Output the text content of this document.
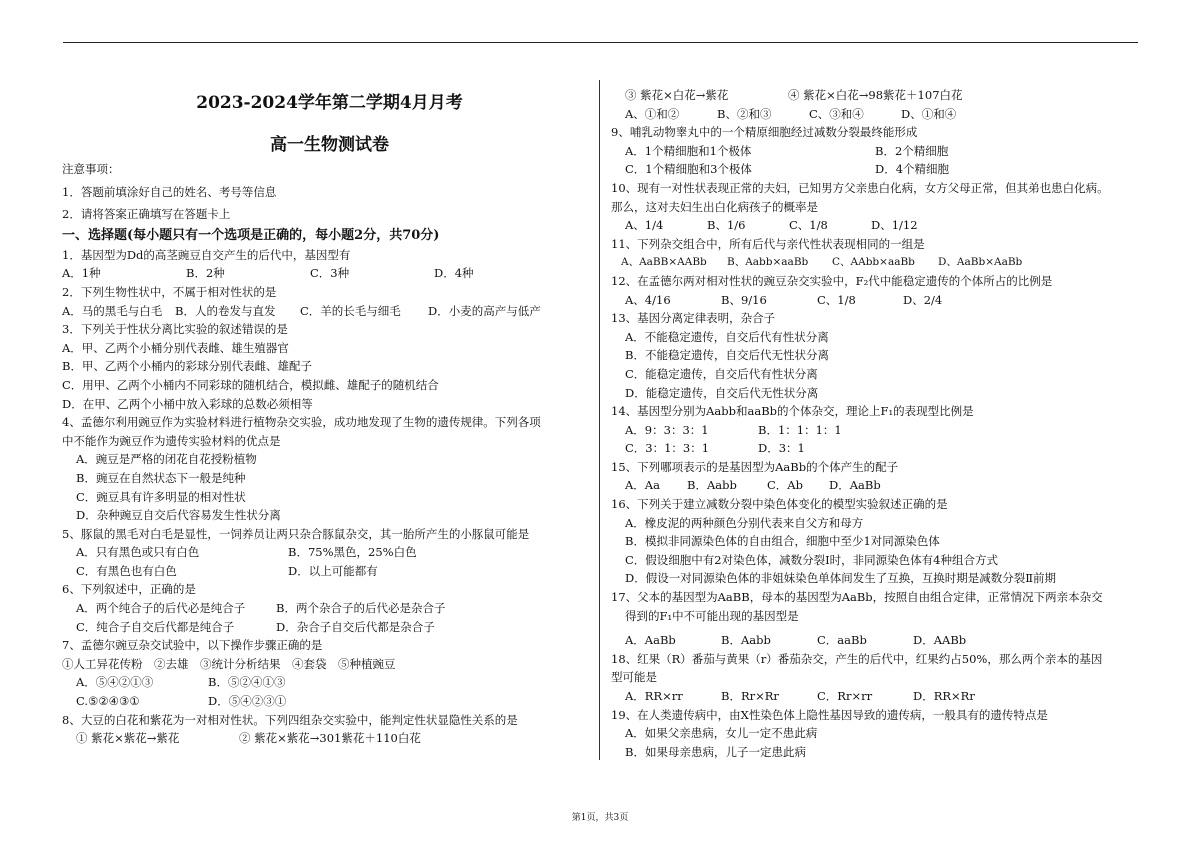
2023-2024学年第二学期4月月考
高一生物测试卷
注意事项：
1．答题前填涂好自己的姓名、考号等信息
2．请将答案正确填写在答题卡上
一、选择题(每小题只有一个选项是正确的，每小题2分，共70分)
1．基因型为Dd的高茎豌豆自交产生的后代中，基因型有
A．1种	B．2种	C．3种	D．4种
2．下列生物性状中，不属于相对性状的是
A．马的黑毛与白毛	B．人的卷发与直发	C．羊的长毛与细毛	D．小麦的高产与低产
3．下列关于性状分离比实验的叙述错误的是
A．甲、乙两个小桶分别代表雌、雄生殖器官
B．甲、乙两个小桶内的彩球分别代表雌、雄配子
C．用甲、乙两个小桶内不同彩球的随机结合，模拟雌、雄配子的随机结合
D．在甲、乙两个小桶中放入彩球的总数必须相等
4、孟德尔利用豌豆作为实验材料进行植物杂交实验，成功地发现了生物的遗传规律。下列各项
中不能作为豌豆作为遗传实验材料的优点是
A．豌豆是严格的闭花自花授粉植物
B．豌豆在自然状态下一般是纯种
C．豌豆具有许多明显的相对性状
D．杂种豌豆自交后代容易发生性状分离
5、豚鼠的黑毛对白毛是显性，一饲养员让两只杂合豚鼠杂交，其一胎所产生的小豚鼠可能是
A．只有黑色或只有白色	B．75%黑色，25%白色
C．有黑色也有白色	D．以上可能都有
6、下列叙述中，正确的是
A．两个纯合子的后代必是纯合子	B．两个杂合子的后代必是杂合子
C．纯合子自交后代都是纯合子	D．杂合子自交后代都是杂合子
7、孟德尔豌豆杂交试验中，以下操作步骤正确的是
①人工异花传粉　②去雄　③统计分析结果　④套袋　⑤种植豌豆
A．⑤④②①③	B．⑤②④①③
C.⑤②④③①	D．⑤④②③①
8、大豆的白花和紫花为一对相对性状。下列四组杂交实验中，能判定性状显隐性关系的是
① 紫花×紫花→紫花	② 紫花×紫花→301紫花＋110白花
③ 紫花×白花→紫花	④ 紫花×白花→98紫花＋107白花
A、①和②	B、②和③	C、③和④	D、①和④
9、哺乳动物睾丸中的一个精原细胞经过减数分裂最终能形成
A．1个精细胞和1个极体	B．2个精细胞
C．1个精细胞和3个极体	D．4个精细胞
10、现有一对性状表现正常的夫妇，已知男方父亲患白化病，女方父母正常，但其弟也患白化病。
那么，这对夫妇生出白化病孩子的概率是
A、1/4	B、1/6	C、1/8	D、1/12
11、下列杂交组合中，所有后代与亲代性状表现相同的一组是
A、AaBB×AABb	B、Aabb×aaBb	C、AAbb×aaBb	D、AaBb×AaBb
12、在孟德尔两对相对性状的豌豆杂交实验中，F₂代中能稳定遗传的个体所占的比例是
A、4/16	B、9/16	C、1/8	D、2/4
13、基因分离定律表明，杂合子
A．不能稳定遗传，自交后代有性状分离
B．不能稳定遗传，自交后代无性状分离
C．能稳定遗传，自交后代有性状分离
D．能稳定遗传，自交后代无性状分离
14、基因型分别为Aabb和aaBb的个体杂交，理论上F₁的表现型比例是
A．9：3：3：1	B．1：1：1：1
C．3：1：3：1	D．3：1
15、下列哪项表示的是基因型为AaBb的个体产生的配子
A．Aa	B．Aabb	C．Ab	D．AaBb
16、下列关于建立减数分裂中染色体变化的模型实验叙述正确的是
A．橡皮泥的两种颜色分别代表来自父方和母方
B．模拟非同源染色体的自由组合，细胞中至少1对同源染色体
C．假设细胞中有2对染色体，减数分裂Ⅰ时，非同源染色体有4种组合方式
D．假设一对同源染色体的非姐妹染色单体间发生了互换，互换时期是减数分裂Ⅱ前期
17、父本的基因型为AaBB，母本的基因型为AaBb，按照自由组合定律，正常情况下两亲本杂交
得到的F₁中不可能出现的基因型是
A．AaBb	B．Aabb	C．aaBb	D．AABb
18、红果（R）番茄与黄果（r）番茄杂交，产生的后代中，红果约占50%，那么两个亲本的基因
型可能是
A．RR×rr	B．Rr×Rr	C．Rr×rr	D．RR×Rr
19、在人类遗传病中，由X性染色体上隐性基因导致的遗传病，一般具有的遗传特点是
A．如果父亲患病，女儿一定不患此病
B．如果母亲患病，儿子一定患此病
第1页，共3页
